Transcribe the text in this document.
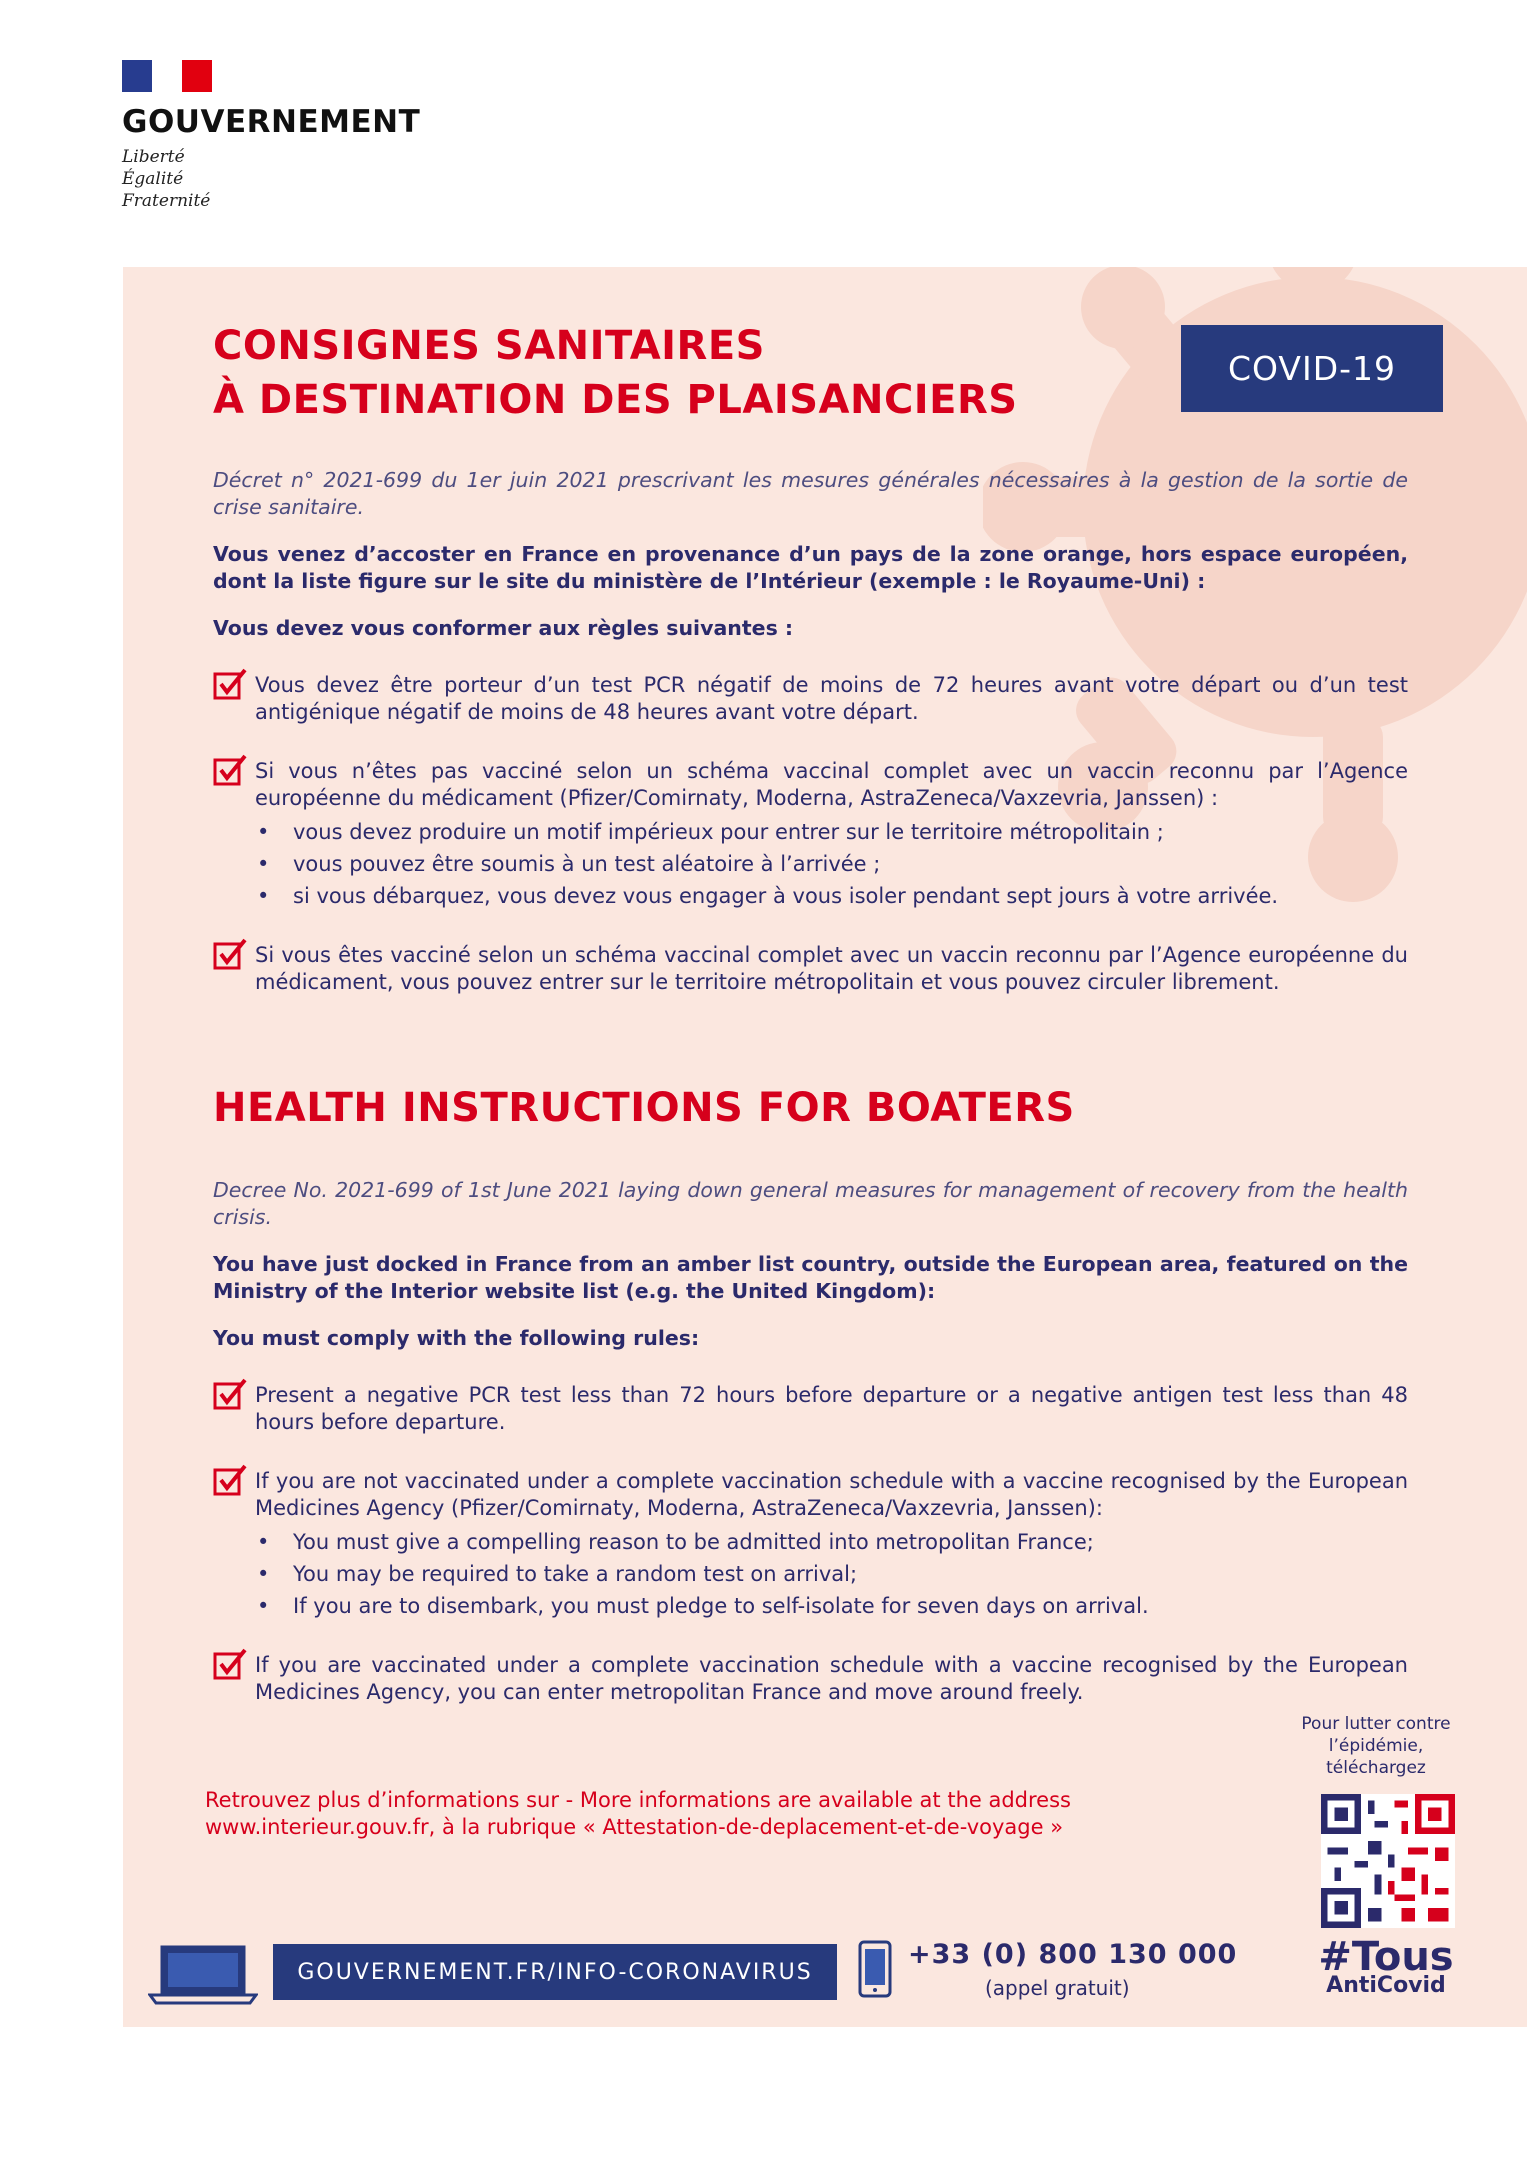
GOUVERNEMENT
Liberté
Égalité
Fraternité
CONSIGNES SANITAIRES
À DESTINATION DES PLAISANCIERS
COVID-19

Décret n° 2021-699 du 1er juin 2021 prescrivant les mesures générales nécessaires à la gestion de la sortie de crise sanitaire.

Vous venez d’accoster en France en provenance d’un pays de la zone orange, hors espace européen, dont la liste figure sur le site du ministère de l’Intérieur (exemple : le Royaume-Uni) :

Vous devez vous conformer aux règles suivantes :

Vous devez être porteur d’un test PCR négatif de moins de 72 heures avant votre départ ou d’un test antigénique négatif de moins de 48 heures avant votre départ.
Si vous n’êtes pas vacciné selon un schéma vaccinal complet avec un vaccin reconnu par l’Agence européenne du médicament (Pfizer/Comirnaty, Moderna, AstraZeneca/Vaxzevria, Janssen) :
• vous devez produire un motif impérieux pour entrer sur le territoire métropolitain ;
• vous pouvez être soumis à un test aléatoire à l’arrivée ;
• si vous débarquez, vous devez vous engager à vous isoler pendant sept jours à votre arrivée.
Si vous êtes vacciné selon un schéma vaccinal complet avec un vaccin reconnu par l’Agence européenne du médicament, vous pouvez entrer sur le territoire métropolitain et vous pouvez circuler librement.
HEALTH INSTRUCTIONS FOR BOATERS

Decree No. 2021-699 of 1st June 2021 laying down general measures for management of recovery from the health crisis.

You have just docked in France from an amber list country, outside the European area, featured on the Ministry of the Interior website list (e.g. the United Kingdom):

You must comply with the following rules:

Present a negative PCR test less than 72 hours before departure or a negative antigen test less than 48 hours before departure.
If you are not vaccinated under a complete vaccination schedule with a vaccine recognised by the European Medicines Agency (Pfizer/Comirnaty, Moderna, AstraZeneca/Vaxzevria, Janssen):
• You must give a compelling reason to be admitted into metropolitan France;
• You may be required to take a random test on arrival;
• If you are to disembark, you must pledge to self-isolate for seven days on arrival.
If you are vaccinated under a complete vaccination schedule with a vaccine recognised by the European Medicines Agency, you can enter metropolitan France and move around freely.
Retrouvez plus d’informations sur - More informations are available at the address
www.interieur.gouv.fr, à la rubrique « Attestation-de-deplacement-et-de-voyage »
Pour lutter contre
l’épidémie,
téléchargez
#Tous
AntiCovid
GOUVERNEMENT.FR/INFO-CORONAVIRUS
+33 (0) 800 130 000
(appel gratuit)
